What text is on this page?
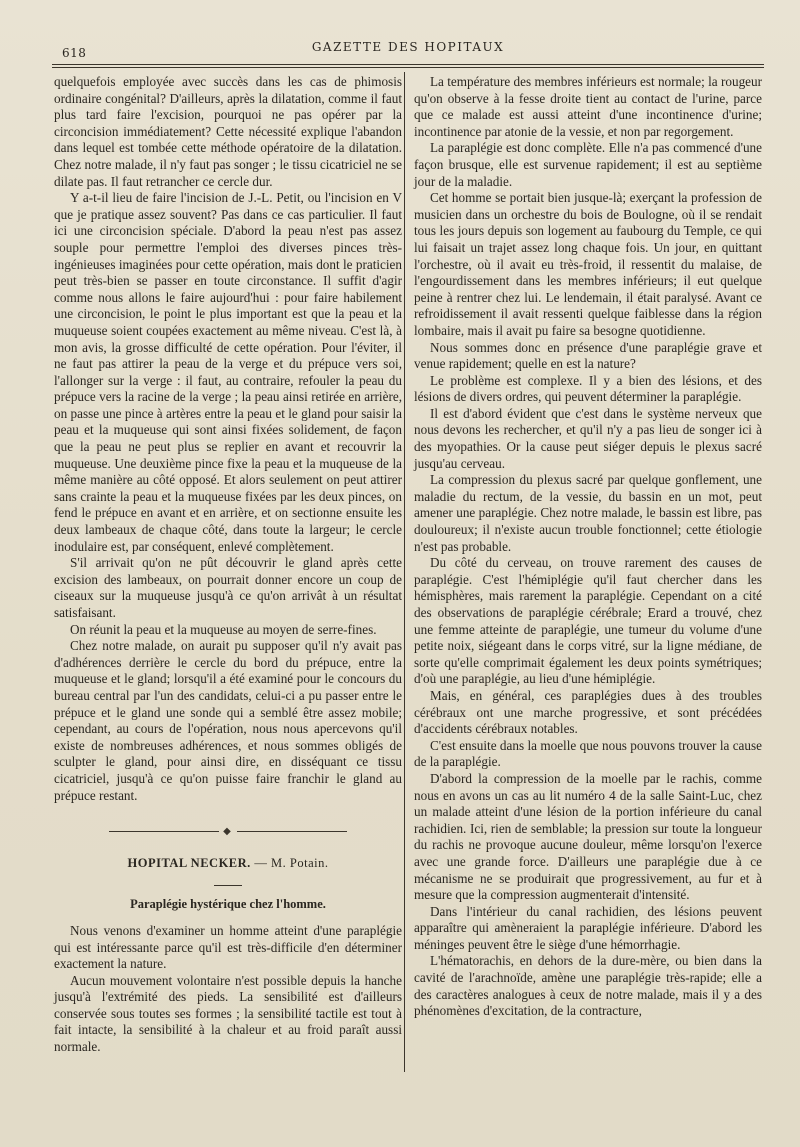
618	GAZETTE DES HOPITAUX

quelquefois employée avec succès dans les cas de phimosis ordinaire congénital? D'ailleurs, après la dilatation, comme il faut plus tard faire l'excision, pourquoi ne pas opérer par la circoncision immédiatement? Cette nécessité explique l'abandon dans lequel est tombée cette méthode opératoire de la dilatation. Chez notre malade, il n'y faut pas songer ; le tissu cicatriciel ne se dilate pas. Il faut retrancher ce cercle dur.

Y a-t-il lieu de faire l'incision de J.-L. Petit, ou l'incision en V que je pratique assez souvent? Pas dans ce cas particulier. Il faut ici une circoncision spéciale. D'abord la peau n'est pas assez souple pour permettre l'emploi des diverses pinces très-ingénieuses imaginées pour cette opération, mais dont le praticien peut très-bien se passer en toute circonstance. Il suffit d'agir comme nous allons le faire aujourd'hui : pour faire habilement une circoncision, le point le plus important est que la peau et la muqueuse soient coupées exactement au même niveau. C'est là, à mon avis, la grosse difficulté de cette opération. Pour l'éviter, il ne faut pas attirer la peau de la verge et du prépuce vers soi, l'allonger sur la verge : il faut, au contraire, refouler la peau du prépuce vers la racine de la verge ; la peau ainsi retirée en arrière, on passe une pince à artères entre la peau et le gland pour saisir la peau et la muqueuse qui sont ainsi fixées solidement, de façon que la peau ne peut plus se replier en avant et recouvrir la muqueuse. Une deuxième pince fixe la peau et la muqueuse de la même manière au côté opposé. Et alors seulement on peut attirer sans crainte la peau et la muqueuse fixées par les deux pinces, on fend le prépuce en avant et en arrière, et on sectionne ensuite les deux lambeaux de chaque côté, dans toute la largeur; le cercle inodulaire est, par conséquent, enlevé complètement.

S'il arrivait qu'on ne pût découvrir le gland après cette excision des lambeaux, on pourrait donner encore un coup de ciseaux sur la muqueuse jusqu'à ce qu'on arrivât à un résultat satisfaisant.

On réunit la peau et la muqueuse au moyen de serre-fines.

Chez notre malade, on aurait pu supposer qu'il n'y avait pas d'adhérences derrière le cercle du bord du prépuce, entre la muqueuse et le gland; lorsqu'il a été examiné pour le concours du bureau central par l'un des candidats, celui-ci a pu passer entre le prépuce et le gland une sonde qui a semblé être assez mobile; cependant, au cours de l'opération, nous nous apercevons qu'il existe de nombreuses adhérences, et nous sommes obligés de sculpter le gland, pour ainsi dire, en disséquant ce tissu cicatriciel, jusqu'à ce qu'on puisse faire franchir le gland au prépuce restant.

◆
HOPITAL NECKER. — M. Potain.
Paraplégie hystérique chez l'homme.

Nous venons d'examiner un homme atteint d'une paraplégie qui est intéressante parce qu'il est très-difficile d'en déterminer exactement la nature.

Aucun mouvement volontaire n'est possible depuis la hanche jusqu'à l'extrémité des pieds. La sensibilité est d'ailleurs conservée sous toutes ses formes ; la sensibilité tactile est tout à fait intacte, la sensibilité à la chaleur et au froid paraît aussi normale.

La température des membres inférieurs est normale; la rougeur qu'on observe à la fesse droite tient au contact de l'urine, parce que ce malade est aussi atteint d'une incontinence d'urine; incontinence par atonie de la vessie, et non par regorgement.

La paraplégie est donc complète. Elle n'a pas commencé d'une façon brusque, elle est survenue rapidement; il est au septième jour de la maladie.

Cet homme se portait bien jusque-là; exerçant la profession de musicien dans un orchestre du bois de Boulogne, où il se rendait tous les jours depuis son logement au faubourg du Temple, ce qui lui faisait un trajet assez long chaque fois. Un jour, en quittant l'orchestre, où il avait eu très-froid, il ressentit du malaise, de l'engourdissement dans les membres inférieurs; il eut quelque peine à rentrer chez lui. Le lendemain, il était paralysé. Avant ce refroidissement il avait ressenti quelque faiblesse dans la région lombaire, mais il avait pu faire sa besogne quotidienne.

Nous sommes donc en présence d'une paraplégie grave et venue rapidement; quelle en est la nature?

Le problème est complexe. Il y a bien des lésions, et des lésions de divers ordres, qui peuvent déterminer la paraplégie.

Il est d'abord évident que c'est dans le système nerveux que nous devons les rechercher, et qu'il n'y a pas lieu de songer ici à des myopathies. Or la cause peut siéger depuis le plexus sacré jusqu'au cerveau.

La compression du plexus sacré par quelque gonflement, une maladie du rectum, de la vessie, du bassin en un mot, peut amener une paraplégie. Chez notre malade, le bassin est libre, pas douloureux; il n'existe aucun trouble fonctionnel; cette étiologie n'est pas probable.

Du côté du cerveau, on trouve rarement des causes de paraplégie. C'est l'hémiplégie qu'il faut chercher dans les hémisphères, mais rarement la paraplégie. Cependant on a cité des observations de paraplégie cérébrale; Erard a trouvé, chez une femme atteinte de paraplégie, une tumeur du volume d'une petite noix, siégeant dans le corps vitré, sur la ligne médiane, de sorte qu'elle comprimait également les deux points symétriques; d'où une paraplégie, au lieu d'une hémiplégie.

Mais, en général, ces paraplégies dues à des troubles cérébraux ont une marche progressive, et sont précédées d'accidents cérébraux notables.

C'est ensuite dans la moelle que nous pouvons trouver la cause de la paraplégie.

D'abord la compression de la moelle par le rachis, comme nous en avons un cas au lit numéro 4 de la salle Saint-Luc, chez un malade atteint d'une lésion de la portion inférieure du canal rachidien. Ici, rien de semblable; la pression sur toute la longueur du rachis ne provoque aucune douleur, même lorsqu'on l'exerce avec une grande force. D'ailleurs une paraplégie due à ce mécanisme ne se produirait que progressivement, au fur et à mesure que la compression augmenterait d'intensité.

Dans l'intérieur du canal rachidien, des lésions peuvent apparaître qui amèneraient la paraplégie inférieure. D'abord les méninges peuvent être le siège d'une hémorrhagie.

L'hématorachis, en dehors de la dure-mère, ou bien dans la cavité de l'arachnoïde, amène une paraplégie très-rapide; elle a des caractères analogues à ceux de notre malade, mais il y a des phénomènes d'excitation, de la contracture,
